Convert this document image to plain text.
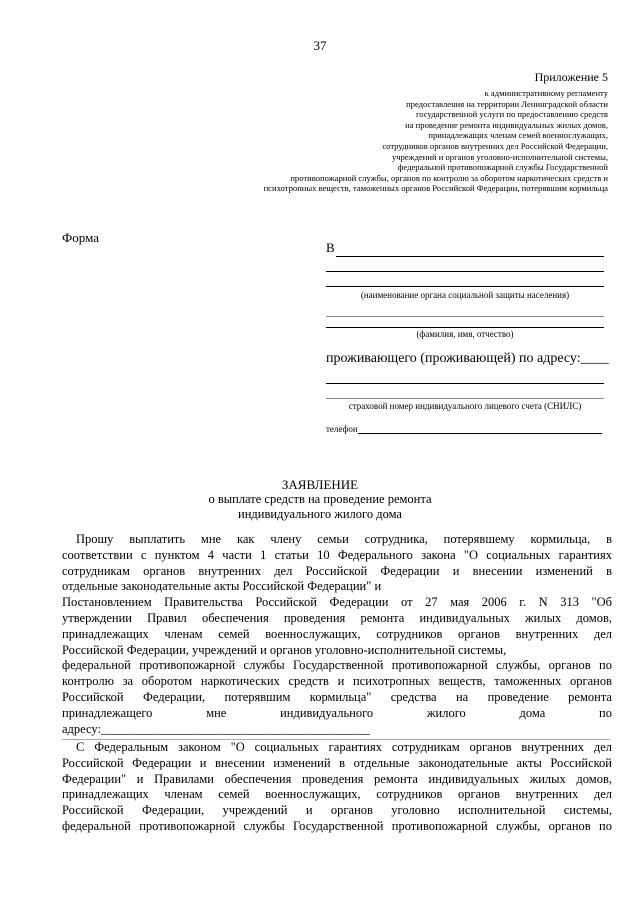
37
Приложение 5
к административному регламенту
предоставления на территории Ленинградской области
государственной услуги по предоставлению средств
на проведение ремонта индивидуальных жилых домов,
принадлежащих членам семей военнослужащих,
сотрудников органов внутренних дел Российской Федерации,
учреждений и органов уголовно-исполнительной системы,
федеральной противопожарной службы Государственной
противопожарной службы, органов по контролю за оборотом наркотических средств и
психотропных веществ, таможенных органов Российской Федерации, потерявшим кормильца
Форма
В
(наименование органа социальной защиты населения)
(фамилия, имя, отчество)
проживающего (проживающей) по адресу:____
страховой номер индивидуального лицевого счета (СНИЛС)
телефон
ЗАЯВЛЕНИЕ
о выплате средств на проведение ремонта
индивидуального жилого дома
Прошу выплатить мне как члену семьи сотрудника, потерявшему кормильца, в
соответствии с пунктом 4 части 1 статьи 10 Федерального закона "О социальных гарантиях
сотрудникам органов внутренних дел Российской Федерации и внесении изменений в
отдельные законодательные акты Российской Федерации" и
Постановлением Правительства Российской Федерации от 27 мая 2006 г. N 313 "Об
утверждении Правил обеспечения проведения ремонта индивидуальных жилых домов,
принадлежащих членам семей военнослужащих, сотрудников органов внутренних дел
Российской Федерации, учреждений и органов уголовно-исполнительной системы,
федеральной противопожарной службы Государственной противопожарной службы, органов по
контролю за оборотом наркотических средств и психотропных веществ, таможенных органов
Российской Федерации, потерявшим кормильца" средства на проведение ремонта
принадлежащего мне индивидуального жилого дома по
адресу:___________________________________________
С Федеральным законом "О социальных гарантиях сотрудникам органов внутренних дел
Российской Федерации и внесении изменений в отдельные законодательные акты Российской
Федерации" и Правилами обеспечения проведения ремонта индивидуальных жилых домов,
принадлежащих членам семей военнослужащих, сотрудников органов внутренних дел
Российской Федерации, учреждений и органов уголовно исполнительной системы,
федеральной противопожарной службы Государственной противопожарной службы, органов по
